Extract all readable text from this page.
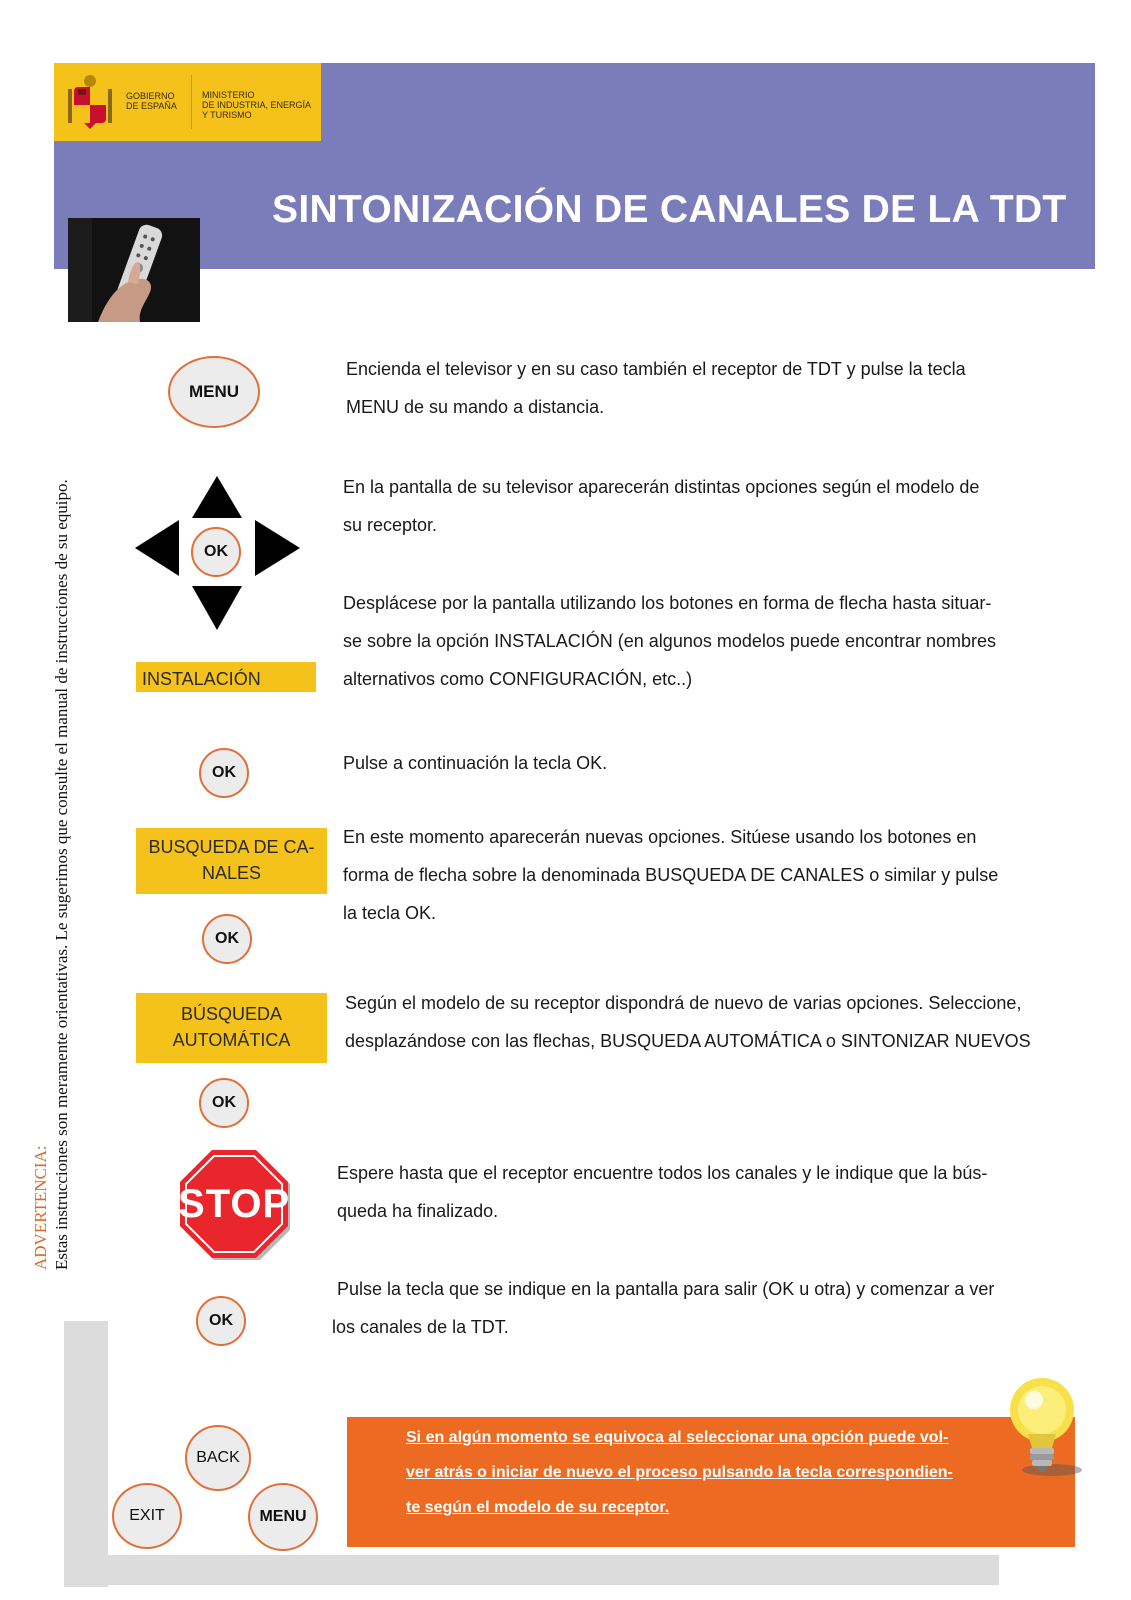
GOBIERNO
DE ESPAÑA
MINISTERIO
DE INDUSTRIA, ENERGÍA
Y TURISMO
SINTONIZACIÓN DE CANALES DE LA TDT
ADVERTENCIA: Estas instrucciones son meramente orientativas. Le sugerimos que consulte el manual de instrucciones de su equipo.
MENU
Encienda el televisor y en su caso también el receptor de TDT y pulse la tecla
MENU de su mando a distancia.
OK
En la pantalla de su televisor aparecerán distintas opciones según el modelo de
su receptor.
Desplácese por la pantalla utilizando los botones en forma de flecha hasta situar-
se sobre la opción INSTALACIÓN (en algunos modelos puede encontrar nombres
alternativos como CONFIGURACIÓN, etc..)
INSTALACIÓN
OK	Pulse a continuación la tecla OK.
BUSQUEDA DE CA-
NALES
En este momento aparecerán nuevas opciones. Sitúese usando los botones en
forma de flecha sobre la denominada BUSQUEDA DE CANALES o similar y pulse
la tecla OK.
OK
BÚSQUEDA
AUTOMÁTICA
Según el modelo de su receptor dispondrá de nuevo de varias opciones. Seleccione,
desplazándose con las flechas, BUSQUEDA AUTOMÁTICA o SINTONIZAR NUEVOS
OK
STOP
Espere hasta que el receptor encuentre todos los canales y le indique que la bús-
queda ha finalizado.
Pulse la tecla que se indique en la pantalla para salir (OK u otra) y comenzar a ver
los canales de la TDT.
OK
BACK
EXIT	MENU
Si en algún momento se equivoca al seleccionar una opción puede vol-
ver atrás o iniciar de nuevo el proceso pulsando la tecla correspondien-
te según el modelo de su receptor.
